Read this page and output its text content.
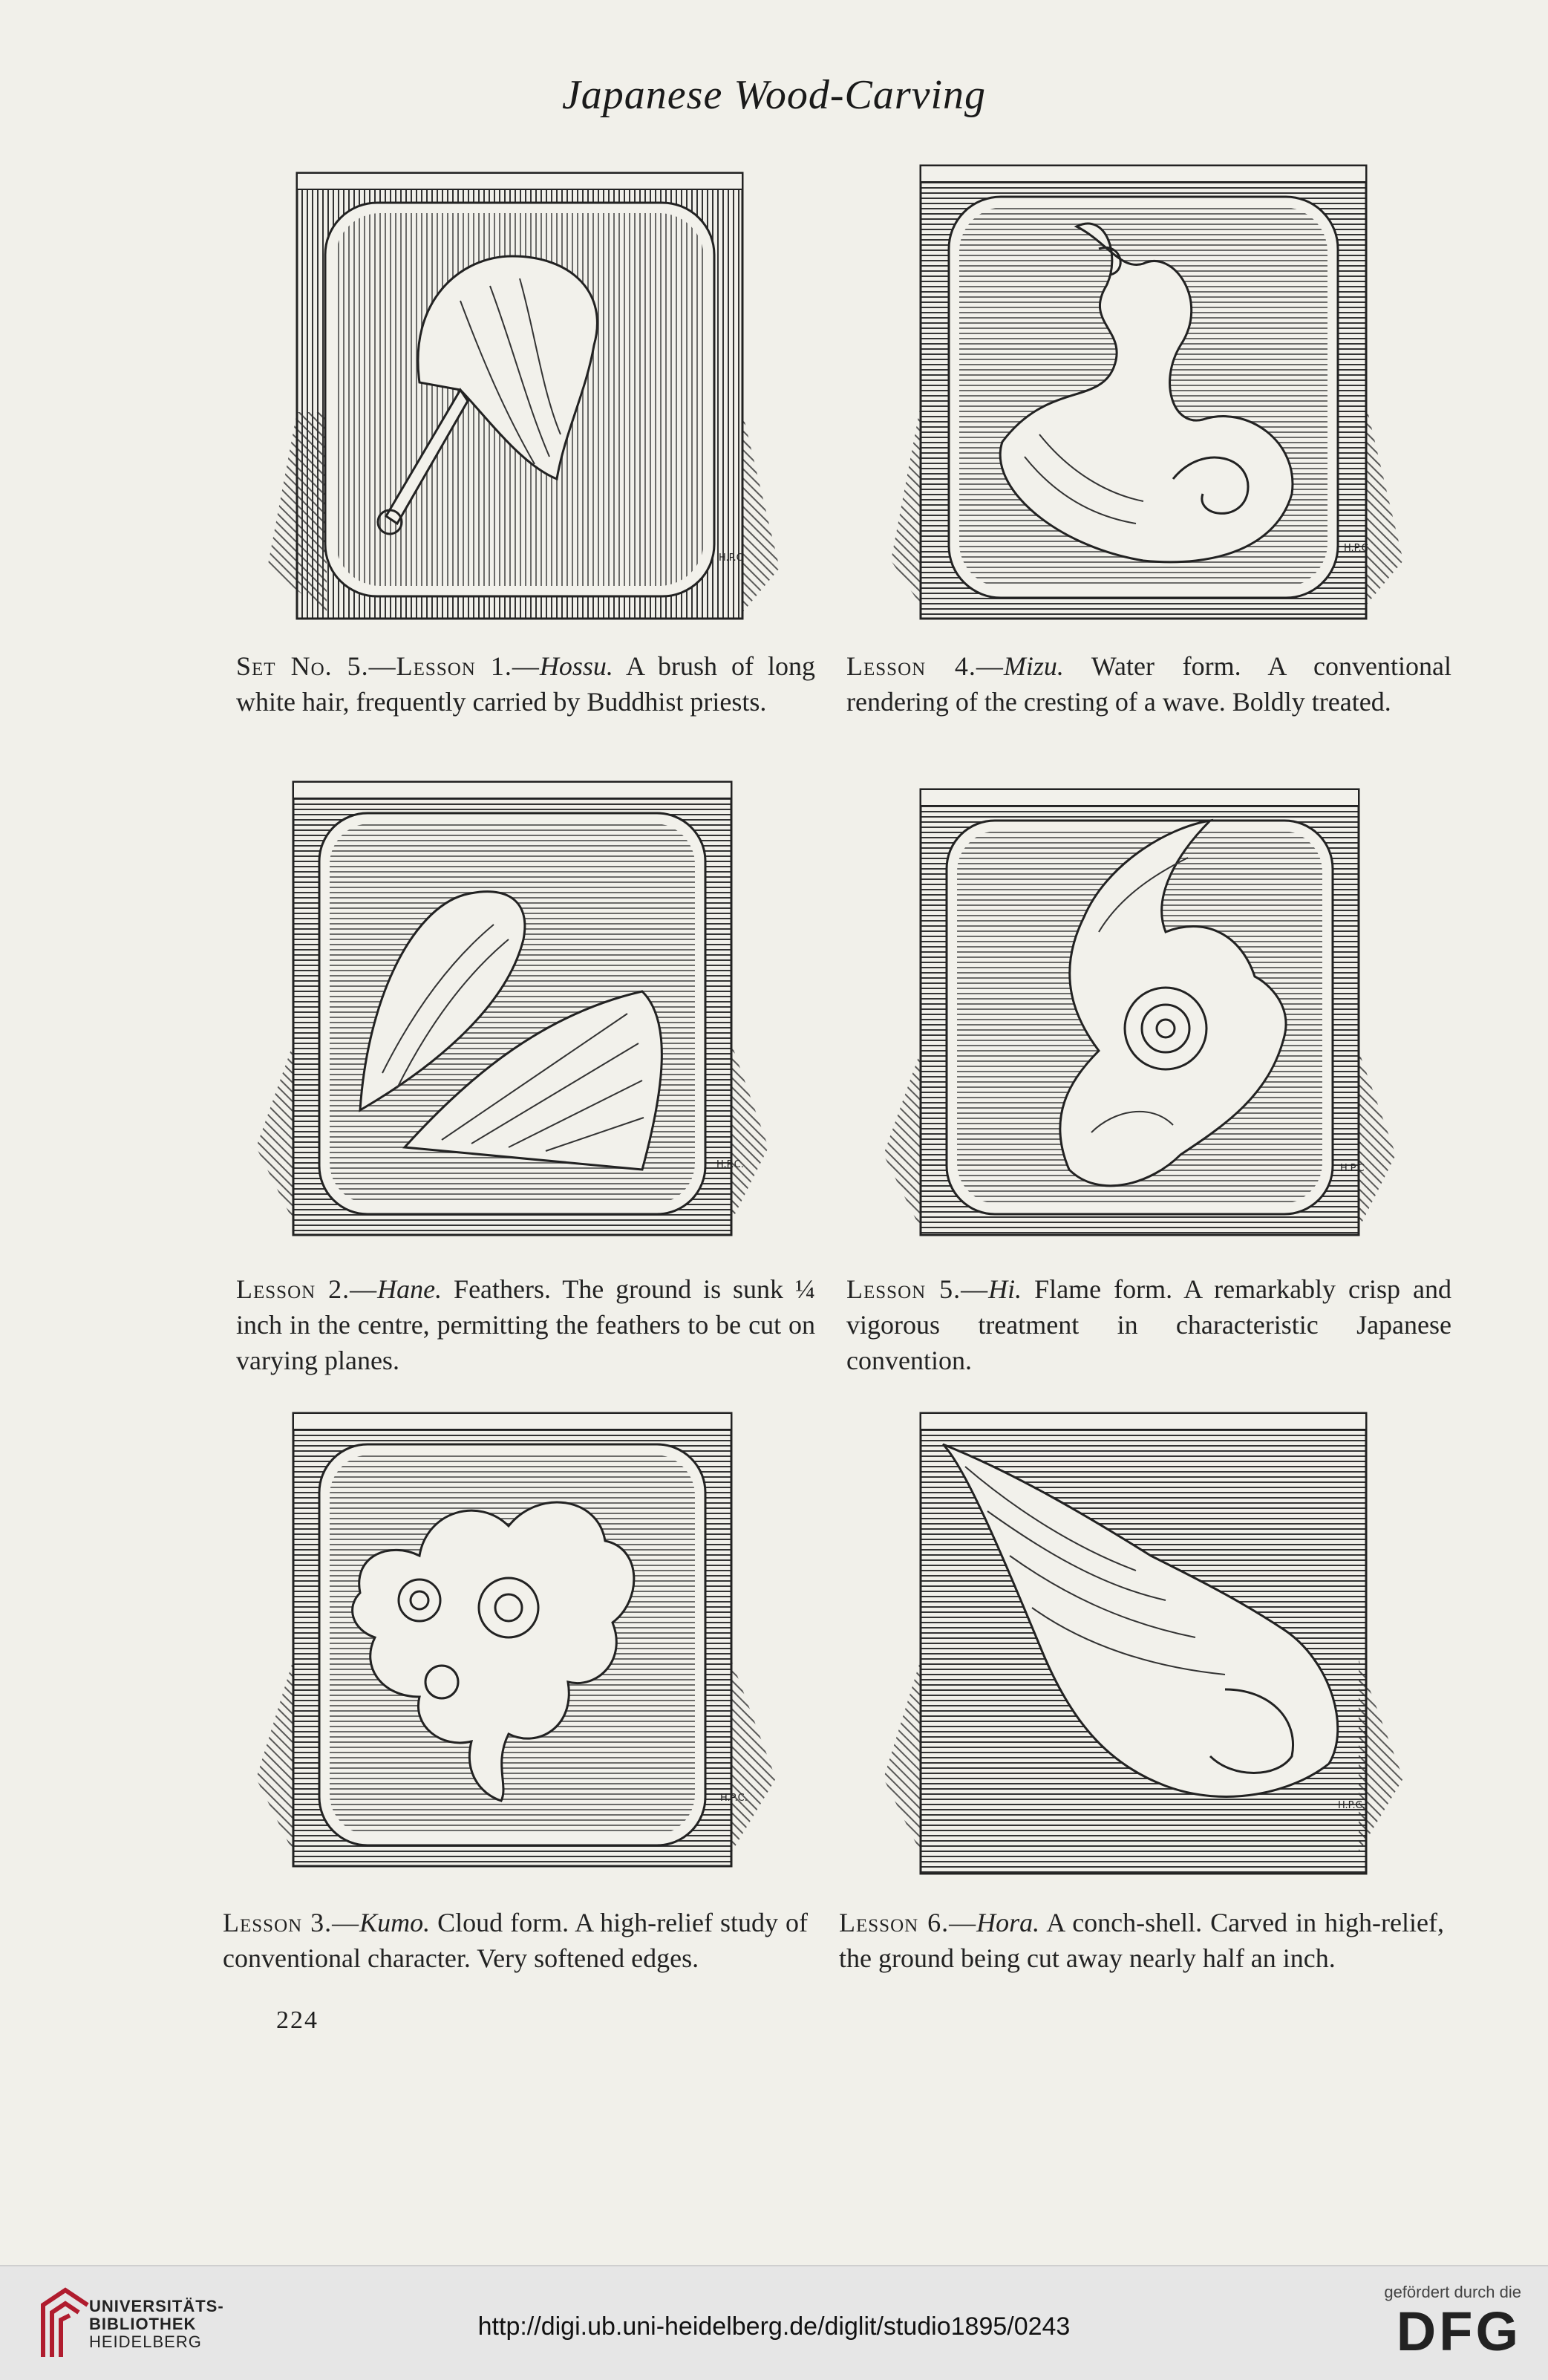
Japanese Wood-Carving
H.P.C
H.P.C
Set No. 5.—Lesson 1.—Hossu. A brush of long white hair, frequently carried by Buddhist priests.
Lesson 4.—Mizu. Water form. A conventional rendering of the cresting of a wave. Boldly treated.
H.P.C.	H.P.C
Lesson 2.—Hane. Feathers. The ground is sunk ¼ inch in the centre, permitting the feathers to be cut on varying planes.
Lesson 5.—Hi. Flame form. A remarkably crisp and vigorous treatment in characteristic Japanese convention.
H.P.C.
H.P.C.
Lesson 3.—Kumo. Cloud form. A high-relief study of conventional character. Very softened edges.
Lesson 6.—Hora. A conch-shell. Carved in high-relief, the ground being cut away nearly half an inch.
224
UNIVERSITÄTS-
BIBLIOTHEK
HEIDELBERG
http://digi.ub.uni-heidelberg.de/diglit/studio1895/0243
gefördert durch die
DFG
